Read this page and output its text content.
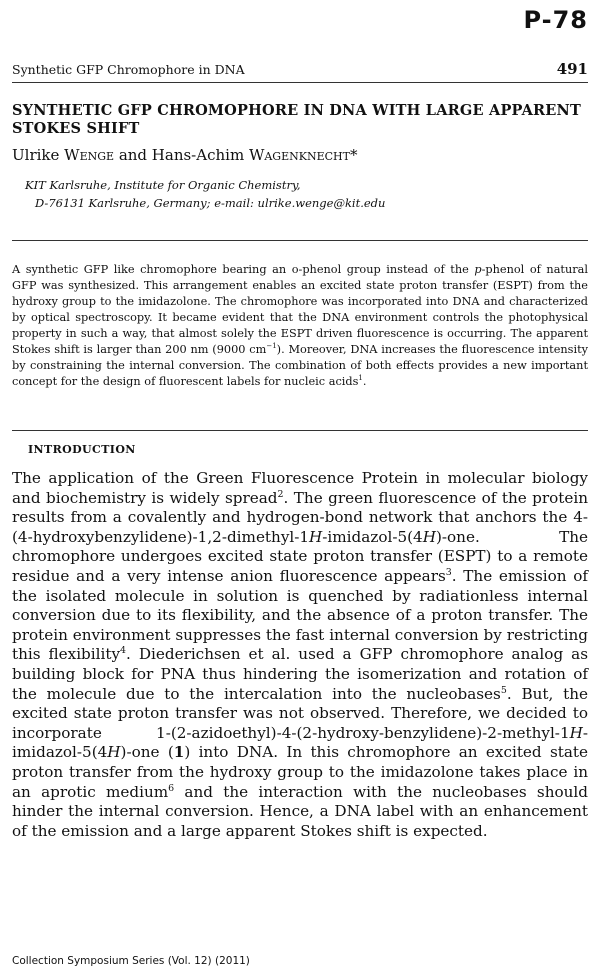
P-78
Synthetic GFP Chromophore in DNA	491
SYNTHETIC GFP CHROMOPHORE IN DNA WITH LARGE APPARENT STOKES SHIFT

Ulrike Wenge and Hans-Achim Wagenknecht*

KIT Karlsruhe, Institute for Organic Chemistry,
D-76131 Karlsruhe, Germany; e-mail: ulrike.wenge@kit.edu

A synthetic GFP like chromophore bearing an o-phenol group instead of the p-phenol of natural GFP was synthesized. This arrangement enables an excited state proton transfer (ESPT) from the hydroxy group to the imidazolone. The chromophore was incorporated into DNA and characterized by optical spectroscopy. It became evident that the DNA environment controls the photophysical property in such a way, that almost solely the ESPT driven fluorescence is occurring. The apparent Stokes shift is larger than 200 nm (9000 $cm^{-1}$). Moreover, DNA increases the fluorescence intensity by constraining the internal conversion. The combination of both effects provides a new important concept for the design of fluorescent labels for nucleic acids$^1$.

INTRODUCTION

The application of the Green Fluorescence Protein in molecular biology and biochemistry is widely spread$^2$. The green fluorescence of the protein results from a covalently and hydrogen-bond network that anchors the 4-(4-hydroxybenzylidene)-1,2-dimethyl-1H-imidazol-5(4H)-one. The chromophore undergoes excited state proton transfer (ESPT) to a remote residue and a very intense anion fluorescence appears$^3$. The emission of the isolated molecule in solution is quenched by radiationless internal conversion due to its flexibility, and the absence of a proton transfer. The protein environment suppresses the fast internal conversion by restricting this flexibility$^4$. Diederichsen et al. used a GFP chromophore analog as building block for PNA thus hindering the isomerization and rotation of the molecule due to the intercalation into the nucleobases$^5$. But, the excited state proton transfer was not observed. Therefore, we decided to incorporate 1-(2-azidoethyl)-4-(2-hydroxy-benzylidene)-2-methyl-1H-imidazol-5(4H)-one (1) into DNA. In this chromophore an excited state proton transfer from the hydroxy group to the imidazolone takes place in an aprotic medium$^6$ and the interaction with the nucleobases should hinder the internal conversion. Hence, a DNA label with an enhancement of the emission and a large apparent Stokes shift is expected.

Collection Symposium Series (Vol. 12) (2011)
